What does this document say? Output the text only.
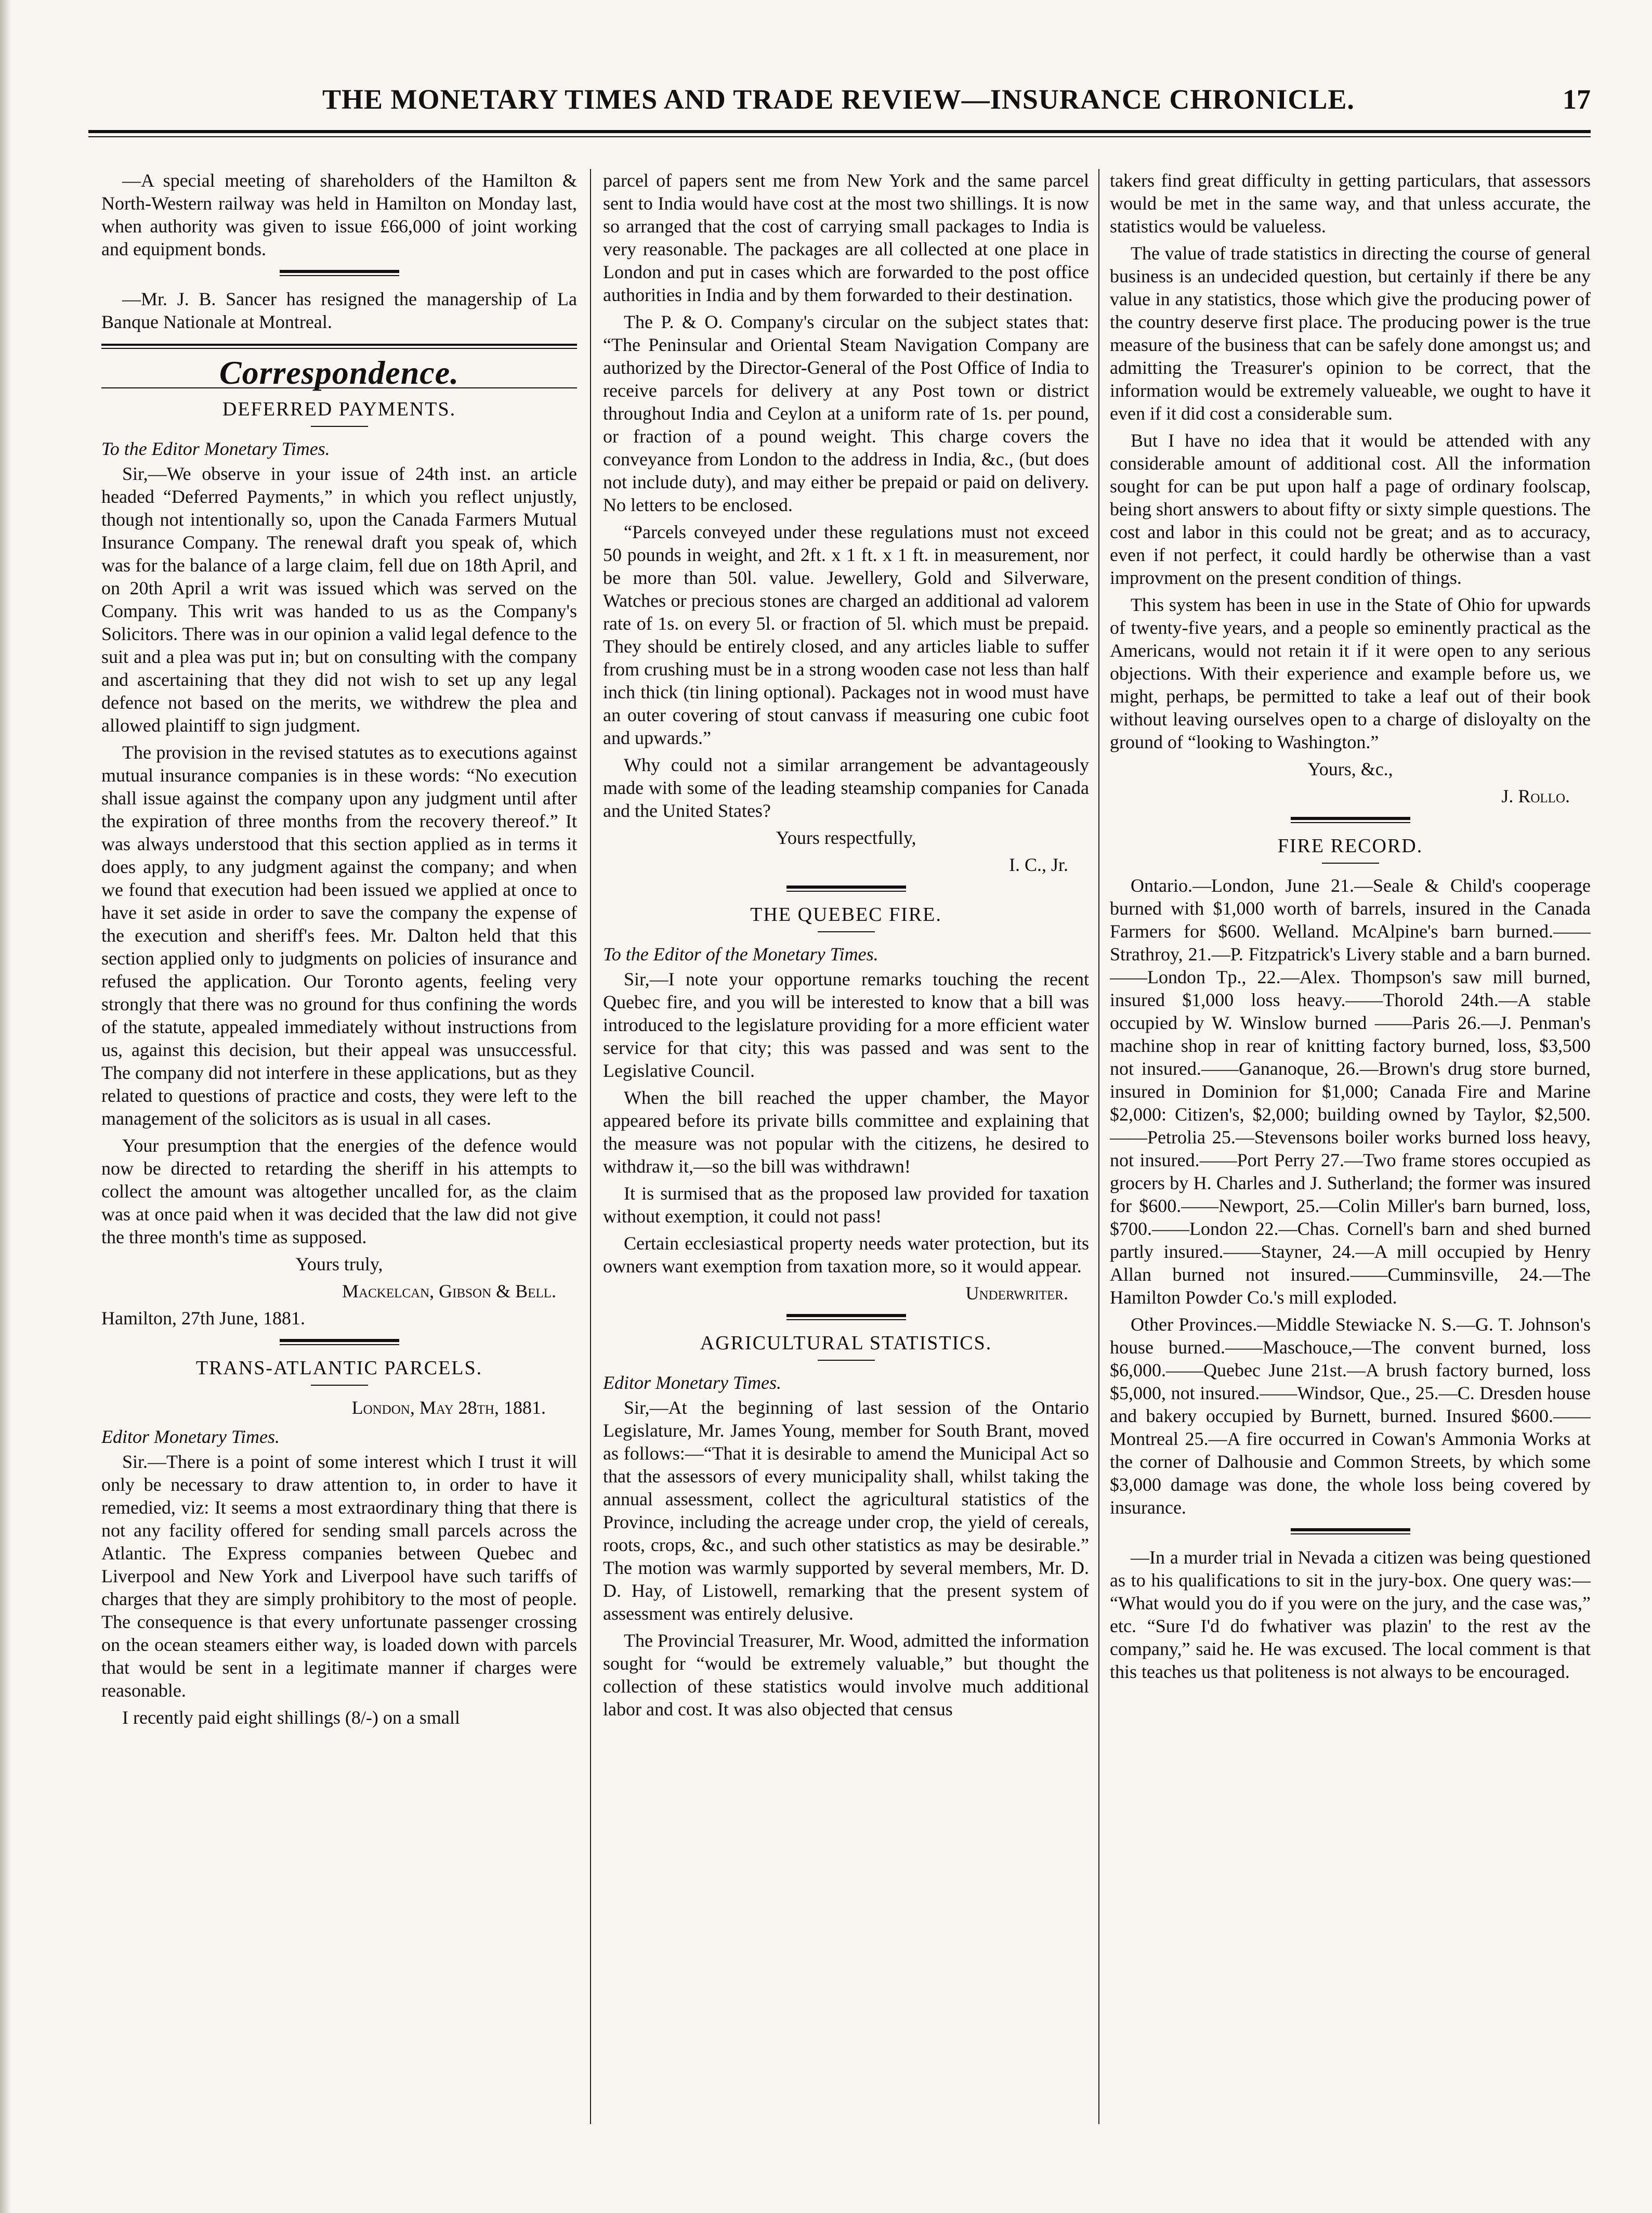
THE MONETARY TIMES AND TRADE REVIEW—INSURANCE CHRONICLE.	17

—A special meeting of shareholders of the Hamilton & North-Western railway was held in Hamilton on Monday last, when authority was given to issue £66,000 of joint working and equipment bonds.

—Mr. J. B. Sancer has resigned the managership of La Banque Nationale at Montreal.

Correspondence.
DEFERRED PAYMENTS.

To the Editor Monetary Times.

Sir,—We observe in your issue of 24th inst. an article headed “Deferred Payments,” in which you reflect unjustly, though not intentionally so, upon the Canada Farmers Mutual Insurance Company. The renewal draft you speak of, which was for the balance of a large claim, fell due on 18th April, and on 20th April a writ was issued which was served on the Company. This writ was handed to us as the Company's Solicitors. There was in our opinion a valid legal defence to the suit and a plea was put in; but on consulting with the company and ascertaining that they did not wish to set up any legal defence not based on the merits, we withdrew the plea and allowed plaintiff to sign judgment.

The provision in the revised statutes as to executions against mutual insurance companies is in these words: “No execution shall issue against the company upon any judgment until after the expiration of three months from the recovery thereof.” It was always understood that this section applied as in terms it does apply, to any judgment against the company; and when we found that execution had been issued we applied at once to have it set aside in order to save the company the expense of the execution and sheriff's fees. Mr. Dalton held that this section applied only to judgments on policies of insurance and refused the application. Our Toronto agents, feeling very strongly that there was no ground for thus confining the words of the statute, appealed immediately without instructions from us, against this decision, but their appeal was unsuccessful. The company did not interfere in these applications, but as they related to questions of practice and costs, they were left to the management of the solicitors as is usual in all cases.

Your presumption that the energies of the defence would now be directed to retarding the sheriff in his attempts to collect the amount was altogether uncalled for, as the claim was at once paid when it was decided that the law did not give the three month's time as supposed.

Yours truly,

Mackelcan, Gibson & Bell.

Hamilton, 27th June, 1881.

TRANS-ATLANTIC PARCELS.

London, May 28th, 1881.

Editor Monetary Times.

Sir.—There is a point of some interest which I trust it will only be necessary to draw attention to, in order to have it remedied, viz: It seems a most extraordinary thing that there is not any facility offered for sending small parcels across the Atlantic. The Express companies between Quebec and Liverpool and New York and Liverpool have such tariffs of charges that they are simply prohibitory to the most of people. The consequence is that every unfortunate passenger crossing on the ocean steamers either way, is loaded down with parcels that would be sent in a legitimate manner if charges were reasonable.

I recently paid eight shillings (8/-) on a small

parcel of papers sent me from New York and the same parcel sent to India would have cost at the most two shillings. It is now so arranged that the cost of carrying small packages to India is very reasonable. The packages are all collected at one place in London and put in cases which are forwarded to the post office authorities in India and by them forwarded to their destination.

The P. & O. Company's circular on the subject states that: “The Peninsular and Oriental Steam Navigation Company are authorized by the Director-General of the Post Office of India to receive parcels for delivery at any Post town or district throughout India and Ceylon at a uniform rate of 1s. per pound, or fraction of a pound weight. This charge covers the conveyance from London to the address in India, &c., (but does not include duty), and may either be prepaid or paid on delivery. No letters to be enclosed.

“Parcels conveyed under these regulations must not exceed 50 pounds in weight, and 2ft. x 1 ft. x 1 ft. in measurement, nor be more than 50l. value. Jewellery, Gold and Silverware, Watches or precious stones are charged an additional ad valorem rate of 1s. on every 5l. or fraction of 5l. which must be prepaid. They should be entirely closed, and any articles liable to suffer from crushing must be in a strong wooden case not less than half inch thick (tin lining optional). Packages not in wood must have an outer covering of stout canvass if measuring one cubic foot and upwards.”

Why could not a similar arrangement be advantageously made with some of the leading steamship companies for Canada and the United States?

Yours respectfully,

I. C., Jr.

THE QUEBEC FIRE.

To the Editor of the Monetary Times.

Sir,—I note your opportune remarks touching the recent Quebec fire, and you will be interested to know that a bill was introduced to the legislature providing for a more efficient water service for that city; this was passed and was sent to the Legislative Council.

When the bill reached the upper chamber, the Mayor appeared before its private bills committee and explaining that the measure was not popular with the citizens, he desired to withdraw it,—so the bill was withdrawn!

It is surmised that as the proposed law provided for taxation without exemption, it could not pass!

Certain ecclesiastical property needs water protection, but its owners want exemption from taxation more, so it would appear.

Underwriter.

AGRICULTURAL STATISTICS.

Editor Monetary Times.

Sir,—At the beginning of last session of the Ontario Legislature, Mr. James Young, member for South Brant, moved as follows:—“That it is desirable to amend the Municipal Act so that the assessors of every municipality shall, whilst taking the annual assessment, collect the agricultural statistics of the Province, including the acreage under crop, the yield of cereals, roots, crops, &c., and such other statistics as may be desirable.” The motion was warmly supported by several members, Mr. D. D. Hay, of Listowell, remarking that the present system of assessment was entirely delusive.

The Provincial Treasurer, Mr. Wood, admitted the information sought for “would be extremely valuable,” but thought the collection of these statistics would involve much additional labor and cost. It was also objected that census

takers find great difficulty in getting particulars, that assessors would be met in the same way, and that unless accurate, the statistics would be valueless.

The value of trade statistics in directing the course of general business is an undecided question, but certainly if there be any value in any statistics, those which give the producing power of the country deserve first place. The producing power is the true measure of the business that can be safely done amongst us; and admitting the Treasurer's opinion to be correct, that the information would be extremely valueable, we ought to have it even if it did cost a considerable sum.

But I have no idea that it would be attended with any considerable amount of additional cost. All the information sought for can be put upon half a page of ordinary foolscap, being short answers to about fifty or sixty simple questions. The cost and labor in this could not be great; and as to accuracy, even if not perfect, it could hardly be otherwise than a vast improvment on the present condition of things.

This system has been in use in the State of Ohio for upwards of twenty-five years, and a people so eminently practical as the Americans, would not retain it if it were open to any serious objections. With their experience and example before us, we might, perhaps, be permitted to take a leaf out of their book without leaving ourselves open to a charge of disloyalty on the ground of “looking to Washington.”

Yours, &c.,

J. Rollo.

FIRE RECORD.

Ontario.—London, June 21.—Seale & Child's cooperage burned with $1,000 worth of barrels, insured in the Canada Farmers for $600. Welland. McAlpine's barn burned.——Strathroy, 21.—P. Fitzpatrick's Livery stable and a barn burned.——London Tp., 22.—Alex. Thompson's saw mill burned, insured $1,000 loss heavy.——Thorold 24th.—A stable occupied by W. Winslow burned ——Paris 26.—J. Penman's machine shop in rear of knitting factory burned, loss, $3,500 not insured.——Gananoque, 26.—Brown's drug store burned, insured in Dominion for $1,000; Canada Fire and Marine $2,000: Citizen's, $2,000; building owned by Taylor, $2,500.——Petrolia 25.—Stevensons boiler works burned loss heavy, not insured.——Port Perry 27.—Two frame stores occupied as grocers by H. Charles and J. Sutherland; the former was insured for $600.——Newport, 25.—Colin Miller's barn burned, loss, $700.——London 22.—Chas. Cornell's barn and shed burned partly insured.——Stayner, 24.—A mill occupied by Henry Allan burned not insured.——Cumminsville, 24.—The Hamilton Powder Co.'s mill exploded.

Other Provinces.—Middle Stewiacke N. S.—G. T. Johnson's house burned.——Maschouce,—The convent burned, loss $6,000.——Quebec June 21st.—A brush factory burned, loss $5,000, not insured.——Windsor, Que., 25.—C. Dresden house and bakery occupied by Burnett, burned. Insured $600.——Montreal 25.—A fire occurred in Cowan's Ammonia Works at the corner of Dalhousie and Common Streets, by which some $3,000 damage was done, the whole loss being covered by insurance.

—In a murder trial in Nevada a citizen was being questioned as to his qualifications to sit in the jury-box. One query was:— “What would you do if you were on the jury, and the case was,” etc. “Sure I'd do fwhativer was plazin' to the rest av the company,” said he. He was excused. The local comment is that this teaches us that politeness is not always to be encouraged.
